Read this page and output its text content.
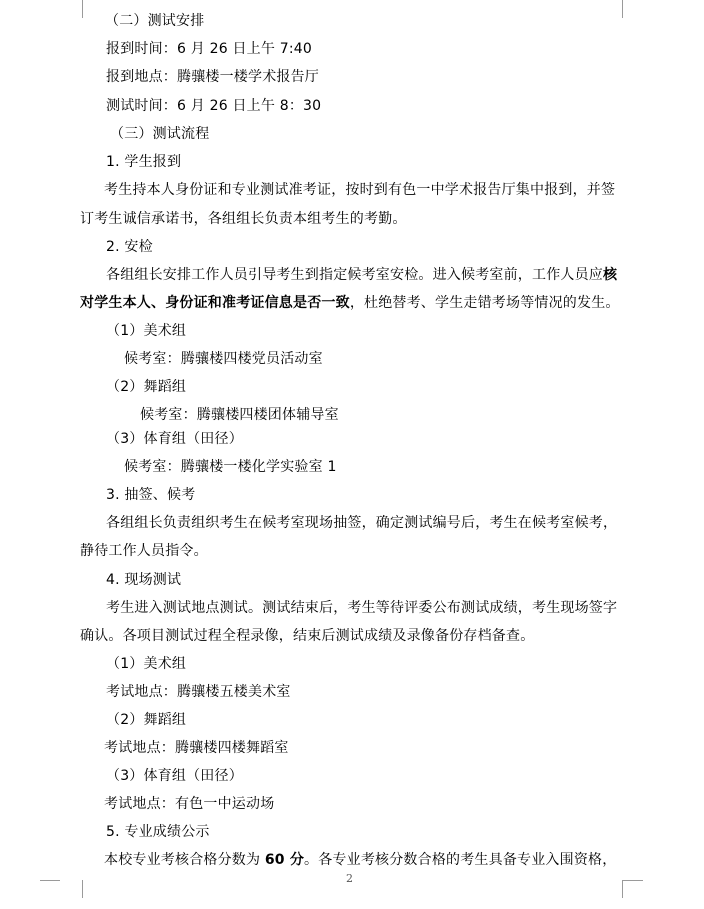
（二）测试安排
报到时间：6 月 26 日上午 7:40
报到地点：腾骧楼一楼学术报告厅
测试时间：6 月 26 日上午 8：30
（三）测试流程
1. 学生报到
考生持本人身份证和专业测试准考证，按时到有色一中学术报告厅集中报到，并签
订考生诚信承诺书，各组组长负责本组考生的考勤。
2. 安检
各组组长安排工作人员引导考生到指定候考室安检。进入候考室前，工作人员应核
对学生本人、身份证和准考证信息是否一致，杜绝替考、学生走错考场等情况的发生。
（1）美术组
候考室：腾骧楼四楼党员活动室
（2）舞蹈组
候考室：腾骧楼四楼团体辅导室
（3）体育组（田径）
候考室：腾骧楼一楼化学实验室 1
3. 抽签、候考
各组组长负责组织考生在候考室现场抽签，确定测试编号后，考生在候考室候考，
静待工作人员指令。
4. 现场测试
考生进入测试地点测试。测试结束后，考生等待评委公布测试成绩，考生现场签字
确认。各项目测试过程全程录像，结束后测试成绩及录像备份存档备查。
（1）美术组
考试地点：腾骧楼五楼美术室
（2）舞蹈组
考试地点：腾骧楼四楼舞蹈室
（3）体育组（田径）
考试地点：有色一中运动场
5. 专业成绩公示
本校专业考核合格分数为 60 分。各专业考核分数合格的考生具备专业入围资格，
2
